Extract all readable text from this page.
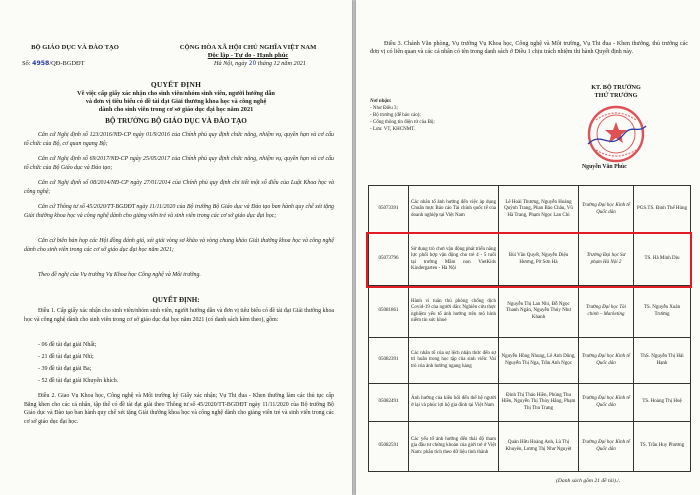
BỘ GIÁO DỤC VÀ ĐÀO TẠO	CỘNG HÒA XÃ HỘI CHỦ NGHĨA VIỆT NAM
Độc lập - Tự do - Hạnh phúc
Số: 4958/QĐ-BGDĐT	Hà Nội, ngày 20 tháng 12 năm 2021
QUYẾT ĐỊNH
Về việc cấp giấy xác nhận cho sinh viên/nhóm sinh viên, người hướng dẫn
và đơn vị tiêu biểu có đề tài đạt Giải thưởng khoa học và công nghệ
dành cho sinh viên trong cơ sở giáo dục đại học năm 2021
BỘ TRƯỞNG BỘ GIÁO DỤC VÀ ĐÀO TẠO
Căn cứ Nghị định số 123/2016/NĐ-CP ngày 01/9/2016 của Chính phủ quy định chức năng, nhiệm vụ, quyền hạn và cơ cấu tổ chức của Bộ, cơ quan ngang Bộ;
Căn cứ Nghị định số 69/2017/NĐ-CP ngày 25/05/2017 của Chính phủ quy định chức năng, nhiệm vụ, quyền hạn và cơ cấu tổ chức của Bộ Giáo dục và Đào tạo;
Căn cứ Nghị định số 08/2014/NĐ-CP ngày 27/01/2014 của Chính phủ quy định chi tiết một số điều của Luật Khoa học và công nghệ;
Căn cứ Thông tư số 45/2020/TT-BGDĐT ngày 11/11/2020 của Bộ trưởng Bộ Giáo dục và Đào tạo ban hành quy chế xét tặng Giải thưởng khoa học và công nghệ dành cho giảng viên trẻ và sinh viên trong các cơ sở giáo dục đại học;
Căn cứ biên bản họp các Hội đồng đánh giá, xét giải vòng sơ khảo và vòng chung khảo Giải thưởng khoa học và công nghệ dành cho sinh viên trong các cơ sở giáo dục đại học năm 2021;
Theo đề nghị của Vụ trưởng Vụ Khoa học Công nghệ và Môi trường.
QUYẾT ĐỊNH:
Điều 1. Cấp giấy xác nhận cho sinh viên/nhóm sinh viên, người hướng dẫn và đơn vị tiêu biểu có đề tài đạt Giải thưởng khoa học và công nghệ dành cho sinh viên trong cơ sở giáo dục đại học năm 2021 (có danh sách kèm theo), gồm:
- 06 đề tài đạt giải Nhất;
- 21 đề tài đạt giải Nhì;
- 39 đề tài đạt giải Ba;
- 52 đề tài đạt giải Khuyến khích.
Điều 2. Giao Vụ Khoa học, Công nghệ và Môi trường ký Giấy xác nhận; Vụ Thi đua - Khen thưởng làm các thủ tục cấp Bằng khen cho các cá nhân, tập thể có đề tài đạt giải theo Thông tư số 45/2020/TT-BGDĐT ngày 11/11/2020 của Bộ trưởng Bộ Giáo dục và Đào tạo ban hành quy chế xét tặng Giải thưởng khoa học và công nghệ dành cho giảng viên trẻ và sinh viên trong các cơ sở giáo dục đại học.
Điều 3. Chánh Văn phòng, Vụ trưởng Vụ Khoa học, Công nghệ và Môi trường, Vụ Thi đua - Khen thưởng, thủ trưởng các đơn vị có liên quan và các cá nhân có tên trong danh sách ở Điều 1 chịu trách nhiệm thi hành Quyết định này.
Nơi nhận:
- Như Điều 3;
- Bộ trưởng (để báo cáo);
- Cổng thông tin điện tử của Bộ;
- Lưu: VT, KHCNMT.
KT. BỘ TRƯỞNG
THỨ TRƯỞNG
Nguyễn Văn Phúc
05073391	Các nhân tố ảnh hưởng đến việc áp dụng Chuẩn mực Báo cáo Tài chính quốc tế của doanh nghiệp tại Việt Nam	Lê Hoài Thương, Nguyễn Hoàng Quỳnh Trang, Phan Bảo Châu, Vũ Hà Trang, Phạm Ngọc Lan Chi	Trường Đại học Kinh tế Quốc dân	PGS.TS. Đinh Thế Hùng
05073796	Sử dụng trò chơi vận động phát triển năng lực phối hợp vận động cho trẻ 4 - 5 tuổi tại trường Mầm non VietKids Kindergarten - Hà Nội	Bùi Văn Quyết, Nguyễn Diệu Hương, Pờ Sơn Hà	Trường Đại học Sư phạm Hà Nội 2	TS. Hà Minh Dịu
05081861	Hành vi tuân thủ phòng chống dịch Covid-19 của người dân: Nghiên cứu thực nghiệm yếu tố ảnh hưởng trên mô hình niềm tin sức khoẻ	Nguyễn Thị Lan Nhi, Đỗ Ngọc Thanh Ngân, Nguyễn Thủy Như Khanh	Trường Đại học Tài chính – Marketing	TS. Nguyễn Xuân Trường
05082391	Các nhân tố của sự lệch nhận thức đến sự trì hoãn trong học tập của sinh viên: Vai trò của ảnh hưởng ngang hàng	Nguyễn Hồng Nhung, Lê Anh Dũng, Nguyễn Thị Nga, Trần Anh Ngọc	Trường Đại học Kinh tế Quốc dân	ThS. Nguyễn Thị Hải Hạnh
05082491	Ảnh hưởng của kiều hối đến thế hệ người ở lại và phúc lợi hộ gia đình tại Việt Nam	Đinh Thị Thảo Hiền, Phùng Thu Hiền, Nguyễn Thị Thùy Hằng, Phạm Thị Thu Trang	Trường Đại học Kinh tế Quốc dân	TS. Hoàng Thị Huệ
05082591	Các yếu tố ảnh hưởng đến thái độ tham gia đầu tư chứng khoán của giới trẻ ở Việt Nam: phân tích theo dữ liệu tình thành	Quản Hữu Hoàng Anh, Lù Thị Khuyên, Lương Thị Như Nguyệt	Trường Đại học Kinh tế Quốc dân	TS. Trần Huy Phương
(Danh sách gồm 21 đề tài)./.
